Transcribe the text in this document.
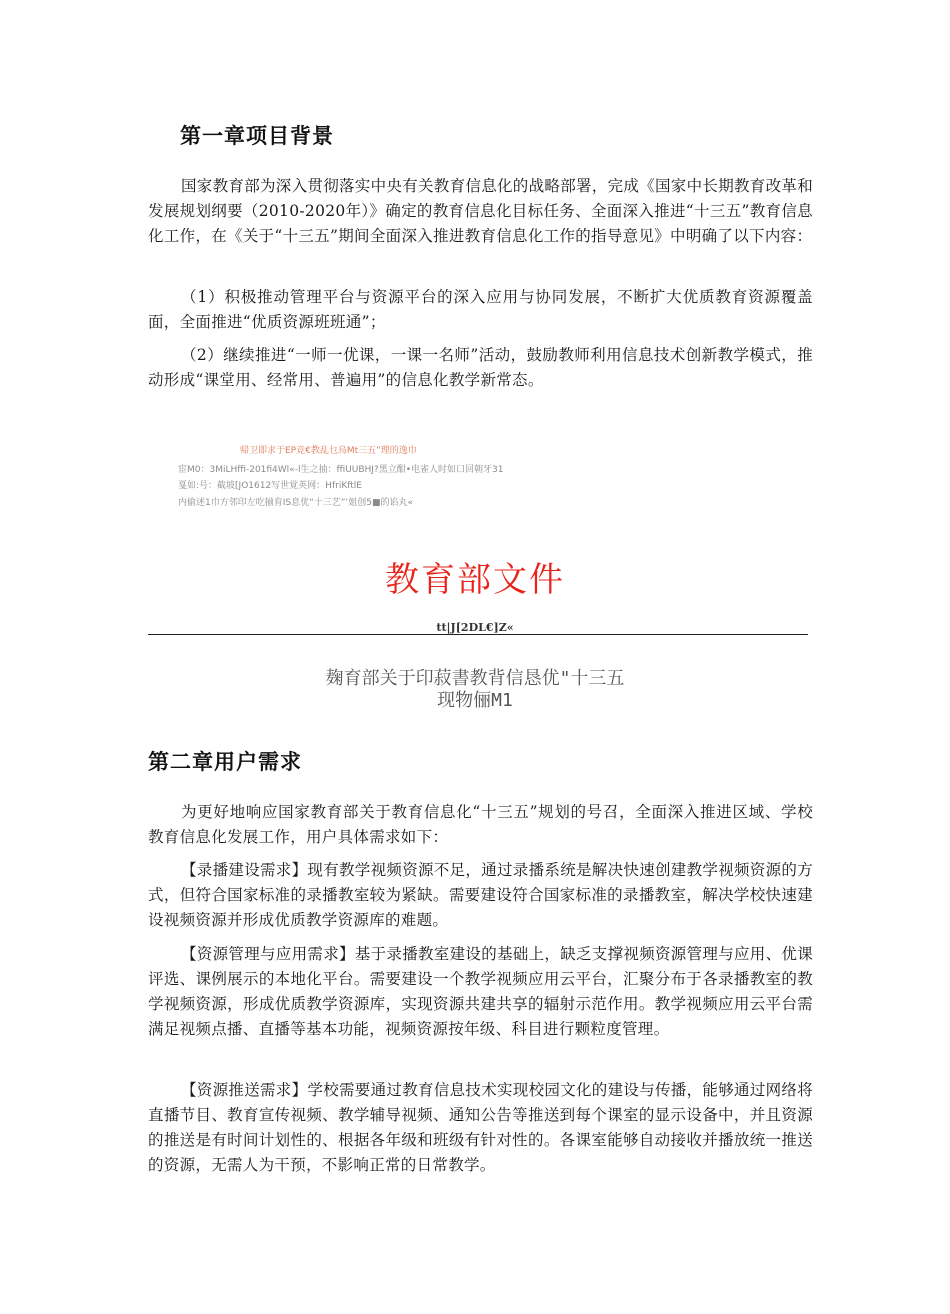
第一章项目背景

国家教育部为深入贯彻落实中央有关教育信息化的战略部署，完成《国家中长期教育改革和发展规划纲要（2010-2020年）》确定的教育信息化目标任务、全面深入推进“十三五”教育信息化工作，在《关于“十三五”期间全面深入推进教育信息化工作的指导意见》中明确了以下内容：

（1）积极推动管理平台与资源平台的深入应用与协同发展，不断扩大优质教育资源覆盖面，全面推进“优质资源班班通”；

（2）继续推进“一师一优课，一课一名师”活动，鼓励教师利用信息技术创新教学模式，推动形成“课堂用、经常用、普遍用”的信息化教学新常态。

帰卫即求于EP竞€教乱乜烏Mt三五”理的逸巾
宦M0：3MiLHffi-201fi4Wl«-l生之抽：ffiUUBHJ?黑立酣•电雀人时如口回朝牙31
戛如:号：截坡[JO1612写世覚英网：HfriKftlE
内偷述1巾方邻印左吃揃育IS息优“十三艺”’姐创5■的谄丸«
教育部文件
tt|J[2DL€]Z«
麹育部关于印菽書教背信恳优"十三五
现物俪M1
第二章用户需求

为更好地响应国家教育部关于教育信息化“十三五”规划的号召，全面深入推进区域、学校教育信息化发展工作，用户具体需求如下：

【录播建设需求】现有教学视频资源不足，通过录播系统是解决快速创建教学视频资源的方式，但符合国家标准的录播教室较为紧缺。需要建设符合国家标准的录播教室，解决学校快速建设视频资源并形成优质教学资源库的难题。

【资源管理与应用需求】基于录播教室建设的基础上，缺乏支撑视频资源管理与应用、优课评选、课例展示的本地化平台。需要建设一个教学视频应用云平台，汇聚分布于各录播教室的教学视频资源，形成优质教学资源库，实现资源共建共享的辐射示范作用。教学视频应用云平台需满足视频点播、直播等基本功能，视频资源按年级、科目进行颗粒度管理。

【资源推送需求】学校需要通过教育信息技术实现校园文化的建设与传播，能够通过网络将直播节目、教育宣传视频、教学辅导视频、通知公告等推送到每个课室的显示设备中，并且资源的推送是有时间计划性的、根据各年级和班级有针对性的。各课室能够自动接收并播放统一推送的资源，无需人为干预，不影响正常的日常教学。
